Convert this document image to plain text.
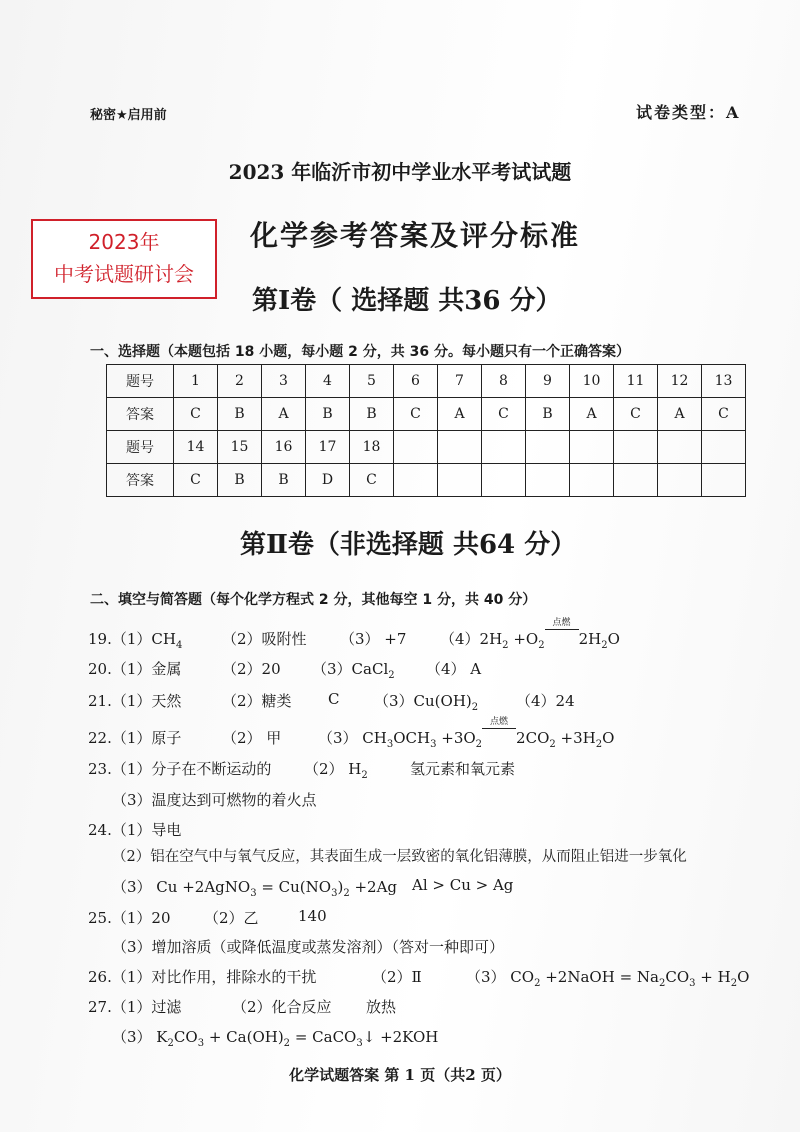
秘密★启用前	试卷类型：A
2023 年临沂市初中学业水平考试试题
2023年
中考试题研讨会
化学参考答案及评分标准
第Ⅰ卷（ 选择题 共36 分）
一、选择题（本题包括 18 小题，每小题 2 分，共 36 分。每小题只有一个正确答案）
题号	1	2	3	4	5	6	7	8	9	10	11	12	13
答案	C	B	A	B	B	C	A	C	B	A	C	A	C
题号	14	15	16	17	18								
答案	C	B	B	D	C								
第Ⅱ卷（非选择题 共64 分）
二、填空与简答题（每个化学方程式 2 分，其他每空 1 分，共 40 分）
$19.(1)CH_4$	（2）吸附性 （3） +7 $(4)2H_2 +O_2$
点燃
$2H_2O$
20.（1）金属	（2）20 （3）CaCl$_2$ （4） A
21.（1）天然	（2）糖类 C $(3)Cu(OH)_2$	（4）24
22.（1）原子	（2） 甲 （3） $CH_3OCH_3 +3O_2$
点燃
$2CO_2 +3H_2O$
23.（1）分子在不断运动的 （2） $H_2$	氢元素和氧元素
（3）温度达到可燃物的着火点
24.（1）导电
（2）铝在空气中与氧气反应，其表面生成一层致密的氧化铝薄膜，从而阻止铝进一步氧化
（3） Cu +2AgNO$_3$ = $Cu(NO_3)_2 +2Ag$ Al > Cu > Ag
25.（1）20 （2）乙	140
（3）增加溶质（或降低温度或蒸发溶剂）（答对一种即可）
26.（1）对比作用，排除水的干扰	（2）Ⅱ	（3） $CO_2$ +2NaOH = $Na_2CO_3 + H_2O$
27.（1）过滤	（2）化合反应 放热
（3） $K_2CO_3 + Ca(OH)_2$ = CaCO$_3$↓ +2KOH
化学试题答案 第 1 页（共2 页）
